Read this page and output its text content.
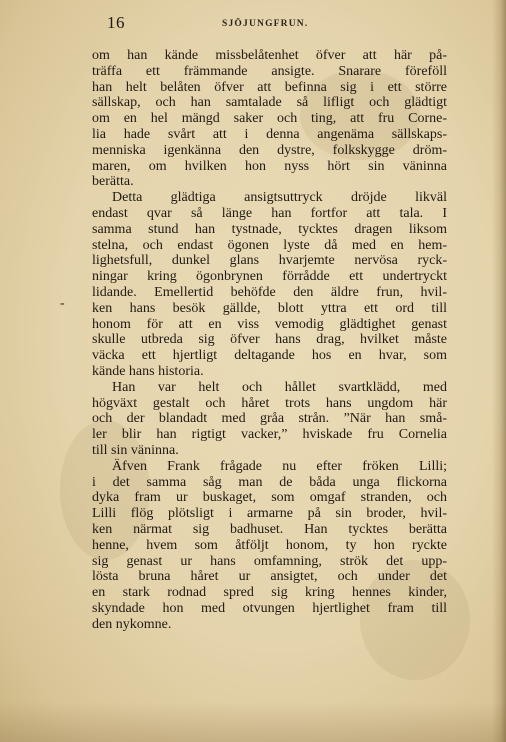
16	SJÖJUNGFRUN.
-
om han kände missbelåtenhet öfver att här på-
träffa ett främmande ansigte. Snarare föreföll
han helt belåten öfver att befinna sig i ett större
sällskap, och han samtalade så lifligt och glädtigt
om en hel mängd saker och ting, att fru Corne-
lia hade svårt att i denna angenäma sällskaps-
menniska igenkänna den dystre, folkskygge dröm-
maren, om hvilken hon nyss hört sin väninna
berätta.
Detta glädtiga ansigtsuttryck dröjde likväl
endast qvar så länge han fortfor att tala. I
samma stund han tystnade, tycktes dragen liksom
stelna, och endast ögonen lyste då med en hem-
lighetsfull, dunkel glans hvarjemte nervösa ryck-
ningar kring ögonbrynen förrådde ett undertryckt
lidande. Emellertid behöfde den äldre frun, hvil-
ken hans besök gällde, blott yttra ett ord till
honom för att en viss vemodig glädtighet genast
skulle utbreda sig öfver hans drag, hvilket måste
väcka ett hjertligt deltagande hos en hvar, som
kände hans historia.
Han var helt och hållet svartklädd, med
högväxt gestalt och håret trots hans ungdom här
och der blandadt med gråa strån. ”När han små-
ler blir han rigtigt vacker,” hviskade fru Cornelia
till sin väninna.
Äfven Frank frågade nu efter fröken Lilli;
i det samma såg man de båda unga flickorna
dyka fram ur buskaget, som omgaf stranden, och
Lilli flög plötsligt i armarne på sin broder, hvil-
ken närmat sig badhuset. Han tycktes berätta
henne, hvem som åtföljt honom, ty hon ryckte
sig genast ur hans omfamning, strök det upp-
lösta bruna håret ur ansigtet, och under det
en stark rodnad spred sig kring hennes kinder,
skyndade hon med otvungen hjertlighet fram till
den nykomne.
